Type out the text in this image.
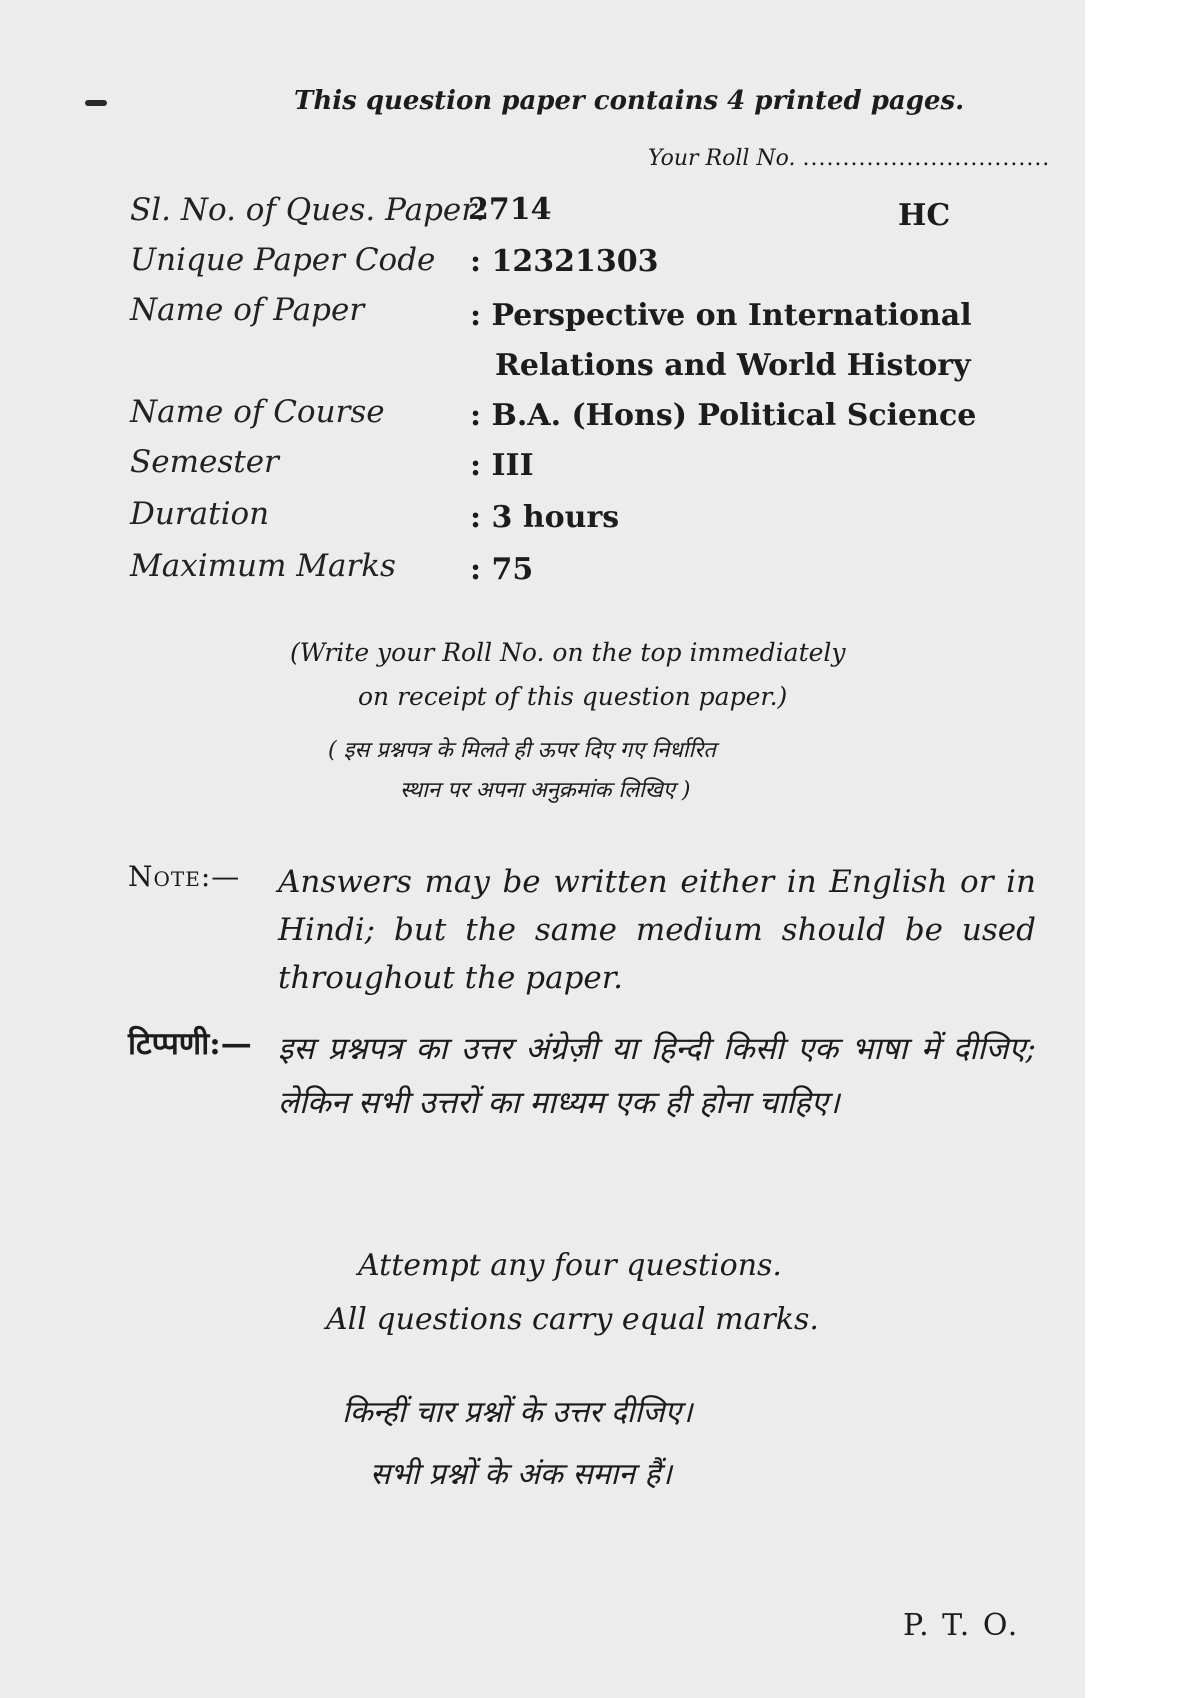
This question paper contains 4 printed pages.
Your Roll No. ...............................
HC
Sl. No. of Ques. Paper:
2714
Unique Paper Code : 12321303
Name of Paper	: Perspective on International
Relations and World History
Name of Course	: B.A. (Hons) Political Science
Semester	: III
Duration	: 3 hours
Maximum Marks : 75
(Write your Roll No. on the top immediately
on receipt of this question paper.)
( इस प्रश्नपत्र के मिलते ही ऊपर दिए गए निर्धारित
स्थान पर अपना अनुक्रमांक लिखिए )
Note:— Answers may be written either in English or in Hindi; but the same medium should be used throughout the paper.
टिप्पणी:— इस प्रश्नपत्र का उत्तर अंग्रेज़ी या हिन्दी किसी एक भाषा में दीजिए; लेकिन सभी उत्तरों का माध्यम एक ही होना चाहिए।
Attempt any four questions.
All questions carry equal marks.
किन्हीं चार प्रश्नों के उत्तर दीजिए।
सभी प्रश्नों के अंक समान हैं।
P. T. O.
